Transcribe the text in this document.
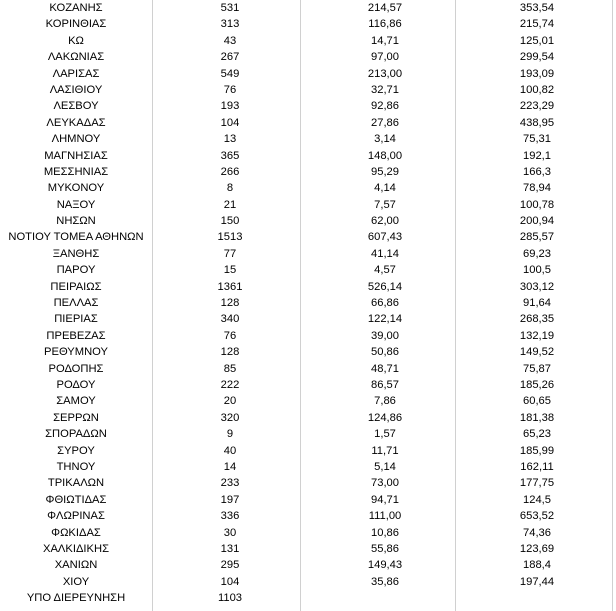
ΚΟΖΑΝΗΣ	531	214,57	353,54
ΚΟΡΙΝΘΙΑΣ	313	116,86	215,74
ΚΩ	43	14,71	125,01
ΛΑΚΩΝΙΑΣ	267	97,00	299,54
ΛΑΡΙΣΑΣ	549	213,00	193,09
ΛΑΣΙΘΙΟΥ	76	32,71	100,82
ΛΕΣΒΟΥ	193	92,86	223,29
ΛΕΥΚΑΔΑΣ	104	27,86	438,95
ΛΗΜΝΟΥ	13	3,14	75,31
ΜΑΓΝΗΣΙΑΣ	365	148,00	192,1
ΜΕΣΣΗΝΙΑΣ	266	95,29	166,3
ΜΥΚΟΝΟΥ	8	4,14	78,94
ΝΑΞΟΥ	21	7,57	100,78
ΝΗΣΩΝ	150	62,00	200,94
ΝΟΤΙΟΥ ΤΟΜΕΑ ΑΘΗΝΩΝ	1513	607,43	285,57
ΞΑΝΘΗΣ	77	41,14	69,23
ΠΑΡΟΥ	15	4,57	100,5
ΠΕΙΡΑΙΩΣ	1361	526,14	303,12
ΠΕΛΛΑΣ	128	66,86	91,64
ΠΙΕΡΙΑΣ	340	122,14	268,35
ΠΡΕΒΕΖΑΣ	76	39,00	132,19
ΡΕΘΥΜΝΟΥ	128	50,86	149,52
ΡΟΔΟΠΗΣ	85	48,71	75,87
ΡΟΔΟΥ	222	86,57	185,26
ΣΑΜΟΥ	20	7,86	60,65
ΣΕΡΡΩΝ	320	124,86	181,38
ΣΠΟΡΑΔΩΝ	9	1,57	65,23
ΣΥΡΟΥ	40	11,71	185,99
ΤΗΝΟΥ	14	5,14	162,11
ΤΡΙΚΑΛΩΝ	233	73,00	177,75
ΦΘΙΩΤΙΔΑΣ	197	94,71	124,5
ΦΛΩΡΙΝΑΣ	336	111,00	653,52
ΦΩΚΙΔΑΣ	30	10,86	74,36
ΧΑΛΚΙΔΙΚΗΣ	131	55,86	123,69
ΧΑΝΙΩΝ	295	149,43	188,4
ΧΙΟΥ	104	35,86	197,44
ΥΠΟ ΔΙΕΡΕΥΝΗΣΗ	1103
